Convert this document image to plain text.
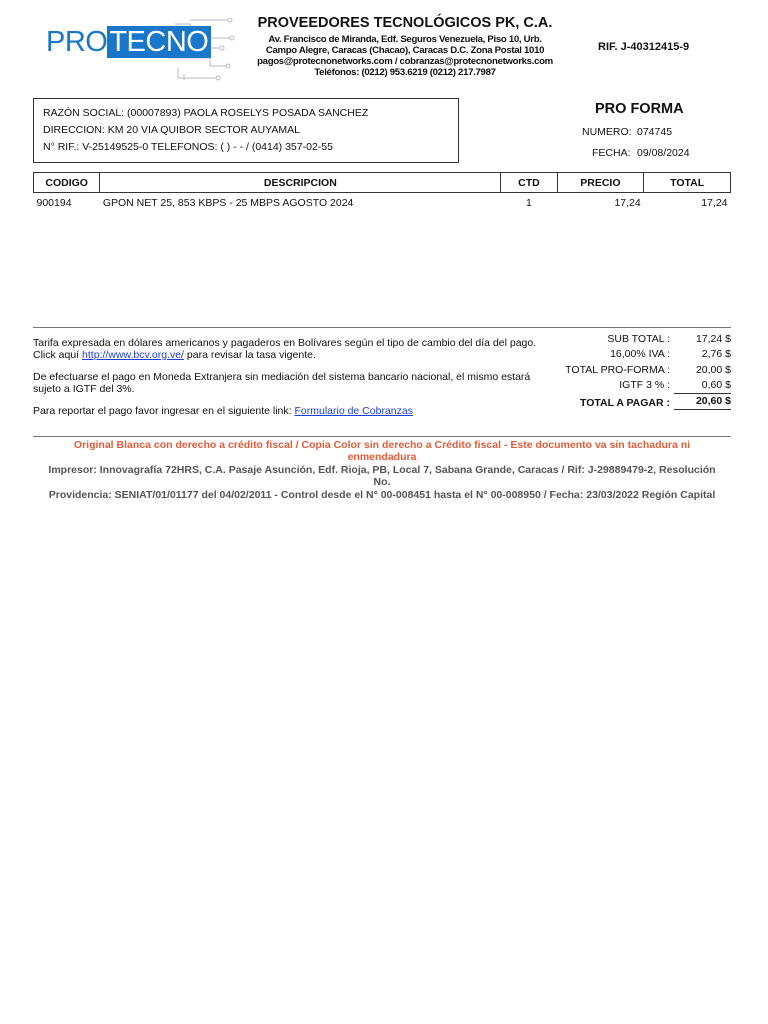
PROTECNO
PROVEEDORES TECNOLÓGICOS PK, C.A.
Av. Francisco de Miranda, Edf. Seguros Venezuela, Piso 10, Urb.
Campo Alegre, Caracas (Chacao), Caracas D.C. Zona Postal 1010
pagos@protecnonetworks.com / cobranzas@protecnonetworks.com
Teléfonos: (0212) 953.6219 (0212) 217.7987
RIF. J-40312415-9
RAZÓN SOCIAL: (00007893) PAOLA ROSELYS POSADA SANCHEZ
DIRECCION: KM 20 VIA QUIBOR SECTOR AUYAMAL
N° RIF.: V-25149525-0 TELEFONOS: ( ) - - / (0414) 357-02-55
PRO FORMA
NUMERO: 074745
FECHA: 09/08/2024
CODIGO	DESCRIPCION	CTD	PRECIO	TOTAL
900194	GPON NET 25, 853 KBPS - 25 MBPS AGOSTO 2024	1	17,24	17,24
Tarifa expresada en dólares americanos y pagaderos en Bolívares según el tipo de cambio del día del pago.
Click aquí http://www.bcv.org.ve/ para revisar la tasa vigente.
De efectuarse el pago en Moneda Extranjera sin mediación del sistema bancario nacional, el mismo estará
sujeto a IGTF del 3%.
Para reportar el pago favor ingresar en el siguiente link: Formulario de Cobranzas
SUB TOTAL :	17,24 $
16,00% IVA :	2,76 $
TOTAL PRO-FORMA :	20,00 $
IGTF 3 % :	0,60 $
TOTAL A PAGAR :	20,60 $
Original Blanca con derecho a crédito fiscal / Copia Color sin derecho a Crédito fiscal - Este documento va sin tachadura ni
enmendadura
Impresor: Innovagrafía 72HRS, C.A. Pasaje Asunción, Edf. Rioja, PB, Local 7, Sabana Grande, Caracas / Rif: J-29889479-2, Resolución
No.
Providencia: SENIAT/01/01177 del 04/02/2011 - Control desde el N° 00-008451 hasta el N° 00-008950 / Fecha: 23/03/2022 Región Capital
